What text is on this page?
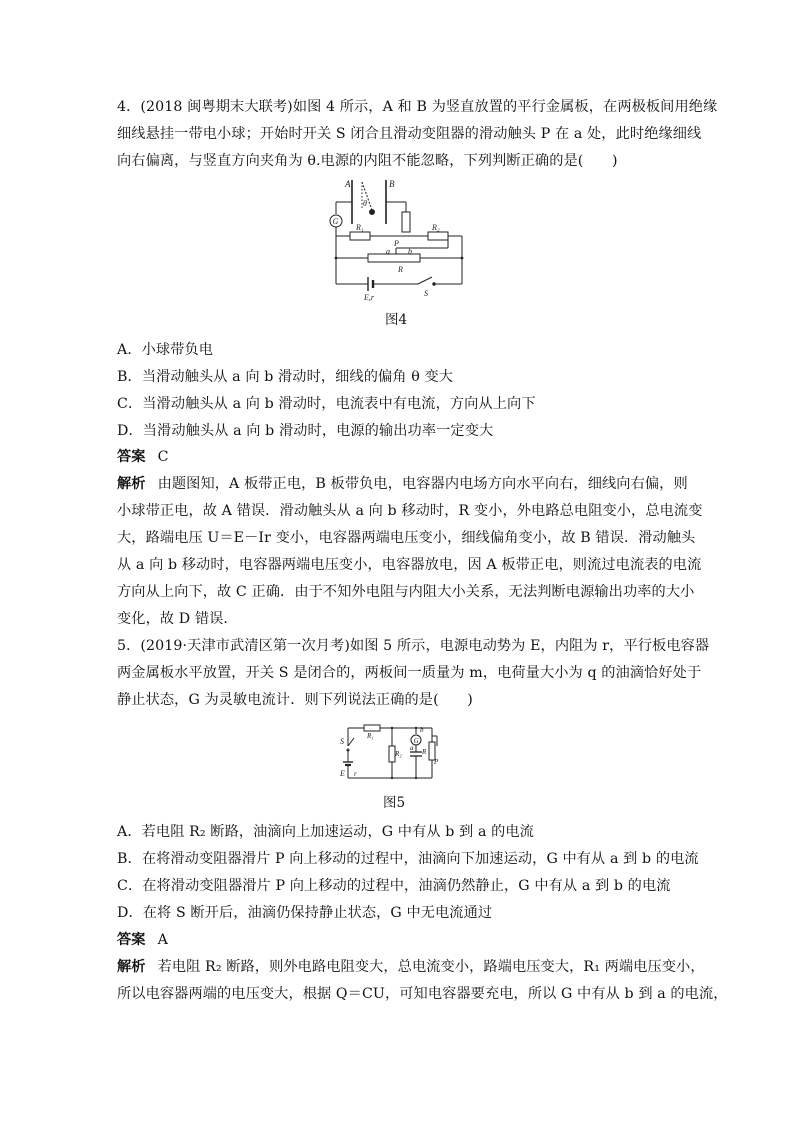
4．(2018 闽粤期末大联考)如图 4 所示，A 和 B 为竖直放置的平行金属板，在两极板间用绝缘
细线悬挂一带电小球；开始时开关 S 闭合且滑动变阻器的滑动触头 P 在 a 处，此时绝缘细线
向右偏离，与竖直方向夹角为 θ.电源的内阻不能忽略，下列判断正确的是(　　)
A	B
θ
G
R₁	R₂
a
P
b
R
S
E,r
图4
A．小球带负电
B．当滑动触头从 a 向 b 滑动时，细线的偏角 θ 变大
C．当滑动触头从 a 向 b 滑动时，电流表中有电流，方向从上向下
D．当滑动触头从 a 向 b 滑动时，电源的输出功率一定变大
答案 C
解析 由题图知，A 板带正电，B 板带负电，电容器内电场方向水平向右，细线向右偏，则
小球带正电，故 A 错误．滑动触头从 a 向 b 移动时，R 变小，外电路总电阻变小，总电流变
大，路端电压 U＝E－Ir 变小，电容器两端电压变小，细线偏角变小，故 B 错误．滑动触头
从 a 向 b 移动时，电容器两端电压变小，电容器放电，因 A 板带正电，则流过电流表的电流
方向从上向下，故 C 正确．由于不知外电阻与内阻大小关系，无法判断电源输出功率的大小
变化，故 D 错误．
5．(2019·天津市武清区第一次月考)如图 5 所示，电源电动势为 E，内阻为 r，平行板电容器
两金属板水平放置，开关 S 是闭合的，两板间一质量为 m，电荷量大小为 q 的油滴恰好处于
静止状态，G 为灵敏电流计．则下列说法正确的是(　　)
S
R₁
R₂
b
G
a R
P
E r
图5
A．若电阻 R₂ 断路，油滴向上加速运动，G 中有从 b 到 a 的电流
B．在将滑动变阻器滑片 P 向上移动的过程中，油滴向下加速运动，G 中有从 a 到 b 的电流
C．在将滑动变阻器滑片 P 向上移动的过程中，油滴仍然静止，G 中有从 a 到 b 的电流
D．在将 S 断开后，油滴仍保持静止状态，G 中无电流通过
答案 A
解析 若电阻 R₂ 断路，则外电路电阻变大，总电流变小，路端电压变大，R₁ 两端电压变小，
所以电容器两端的电压变大，根据 Q＝CU，可知电容器要充电，所以 G 中有从 b 到 a 的电流，
